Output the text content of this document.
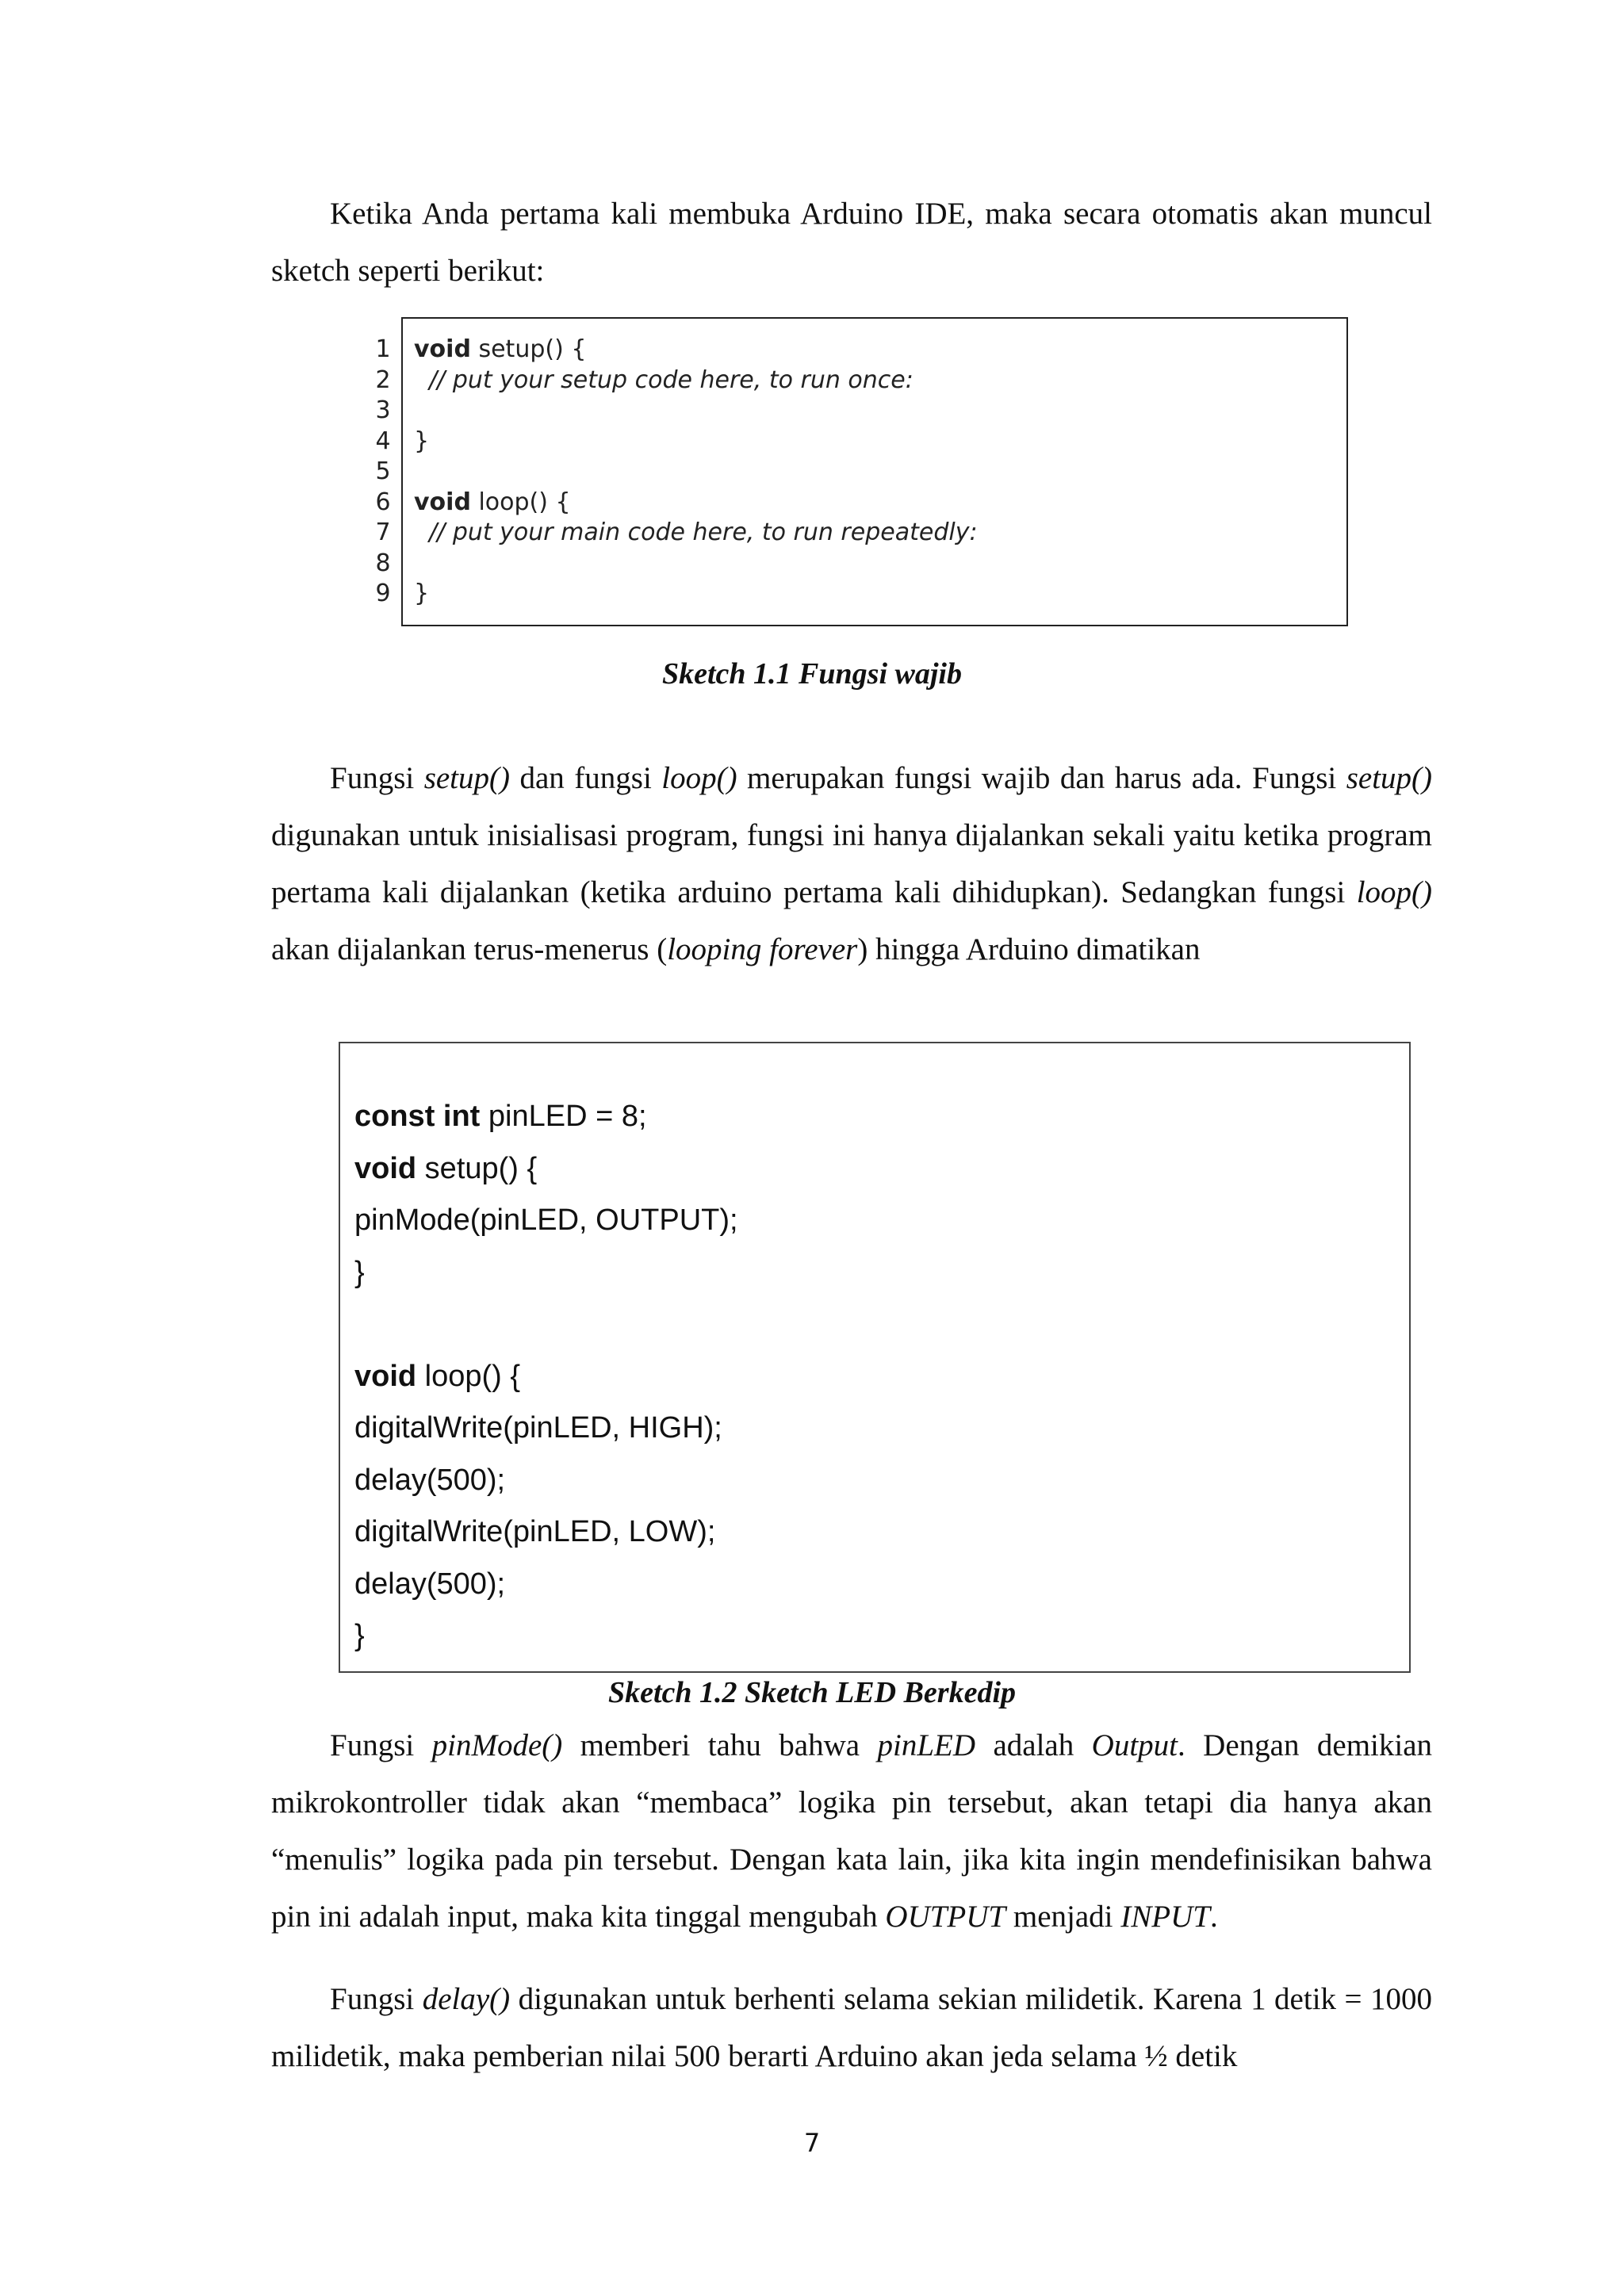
Ketika Anda pertama kali membuka Arduino IDE, maka secara otomatis akan muncul sketch seperti berikut:

1
2
3
4
5
6
7
8
9
void setup() {
// put your setup code here, to run once:
}
void loop() {
// put your main code here, to run repeatedly:
}

Sketch 1.1 Fungsi wajib

Fungsi setup() dan fungsi loop() merupakan fungsi wajib dan harus ada. Fungsi setup() digunakan untuk inisialisasi program, fungsi ini hanya dijalankan sekali yaitu ketika program pertama kali dijalankan (ketika arduino pertama kali dihidupkan). Sedangkan fungsi loop() akan dijalankan terus-menerus (looping forever) hingga Arduino dimatikan

const int pinLED = 8;
void setup() {
pinMode(pinLED, OUTPUT);
}
void loop() {
digitalWrite(pinLED, HIGH);
delay(500);
digitalWrite(pinLED, LOW);
delay(500);
}

Sketch 1.2 Sketch LED Berkedip

Fungsi pinMode() memberi tahu bahwa pinLED adalah Output. Dengan demikian mikrokontroller tidak akan “membaca” logika pin tersebut, akan tetapi dia hanya akan “menulis” logika pada pin tersebut. Dengan kata lain, jika kita ingin mendefinisikan bahwa pin ini adalah input, maka kita tinggal mengubah OUTPUT menjadi INPUT.

Fungsi delay() digunakan untuk berhenti selama sekian milidetik. Karena 1 detik = 1000 milidetik, maka pemberian nilai 500 berarti Arduino akan jeda selama ½ detik

7
